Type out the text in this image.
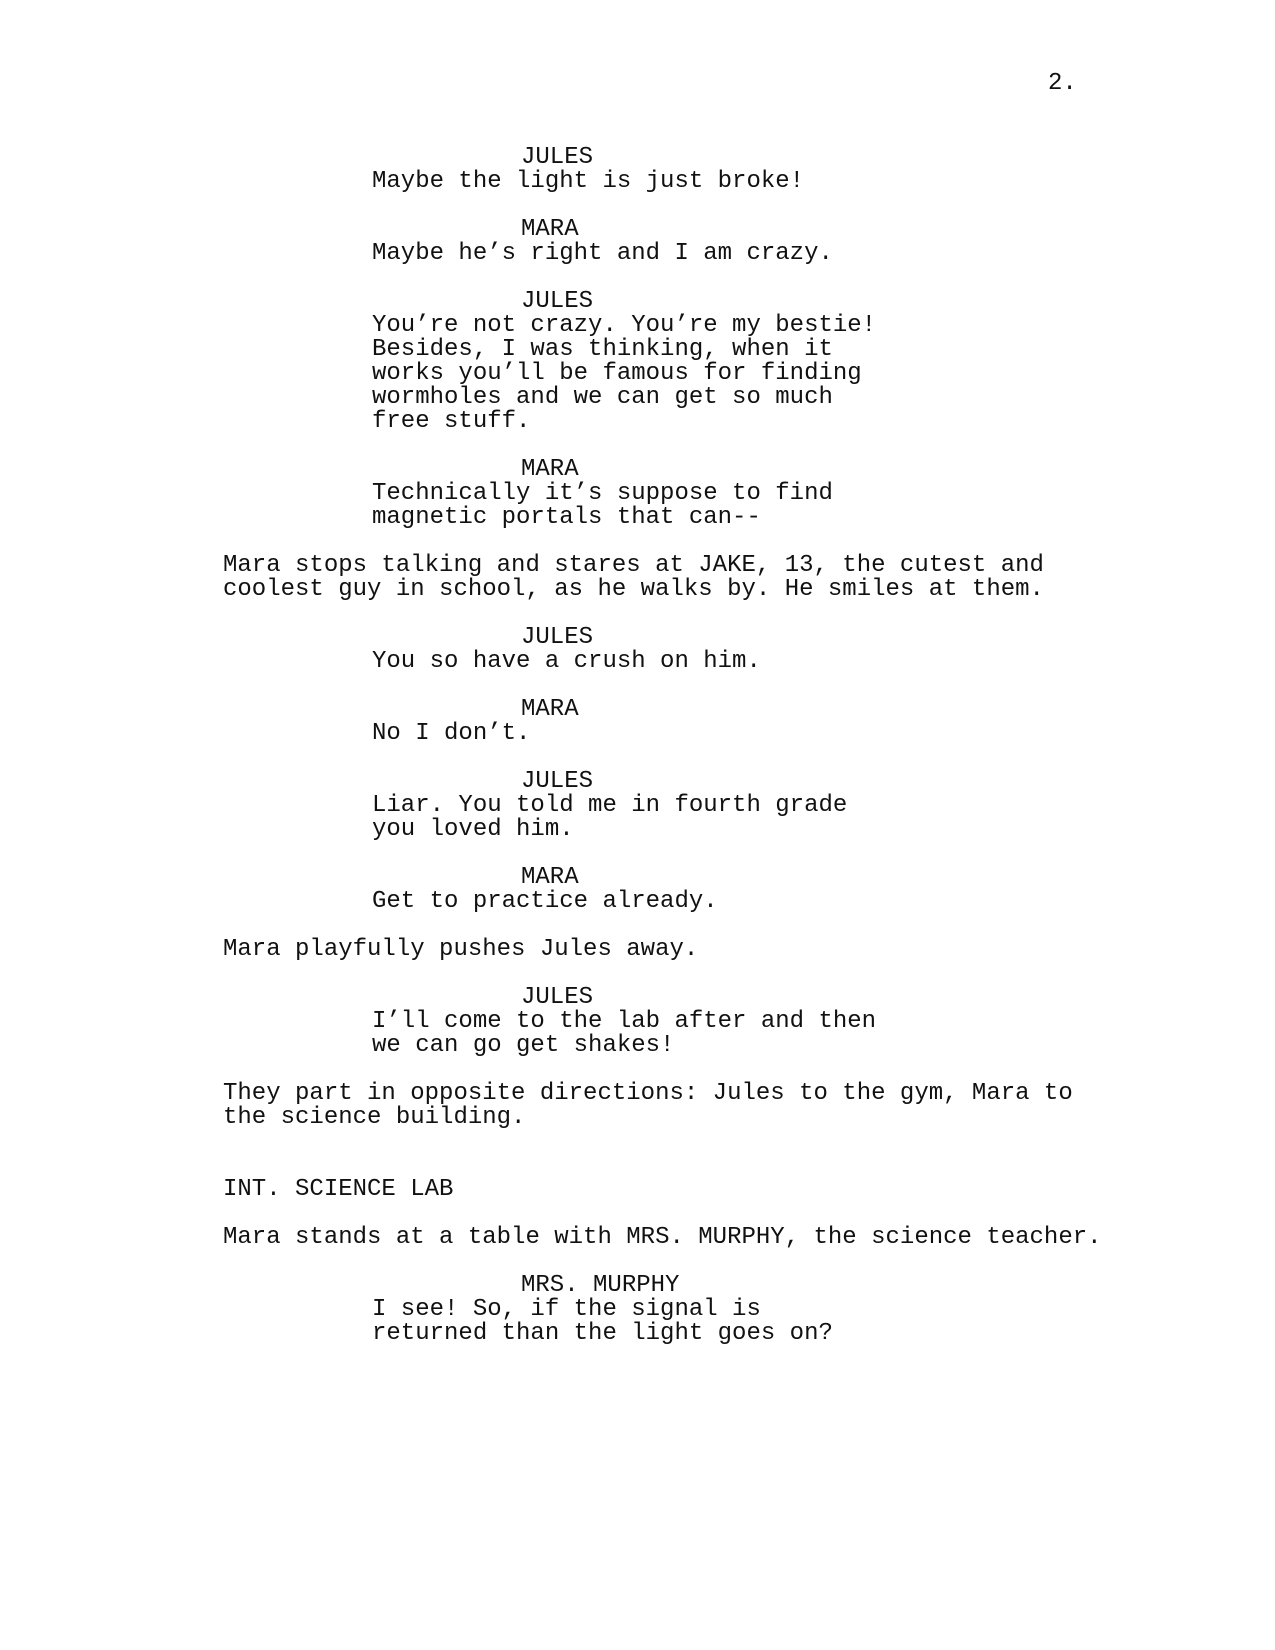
2.
JULES
Maybe the light is just broke!
MARA
Maybe he’s right and I am crazy.
JULES
You’re not crazy. You’re my bestie!
Besides, I was thinking, when it
works you’ll be famous for finding
wormholes and we can get so much
free stuff.
MARA
Technically it’s suppose to find
magnetic portals that can--
Mara stops talking and stares at JAKE, 13, the cutest and
coolest guy in school, as he walks by. He smiles at them.
JULES
You so have a crush on him.
MARA
No I don’t.
JULES
Liar. You told me in fourth grade
you loved him.
MARA
Get to practice already.
Mara playfully pushes Jules away.
JULES
I’ll come to the lab after and then
we can go get shakes!
They part in opposite directions: Jules to the gym, Mara to
the science building.
INT. SCIENCE LAB
Mara stands at a table with MRS. MURPHY, the science teacher.
MRS. MURPHY
I see! So, if the signal is
returned than the light goes on?
